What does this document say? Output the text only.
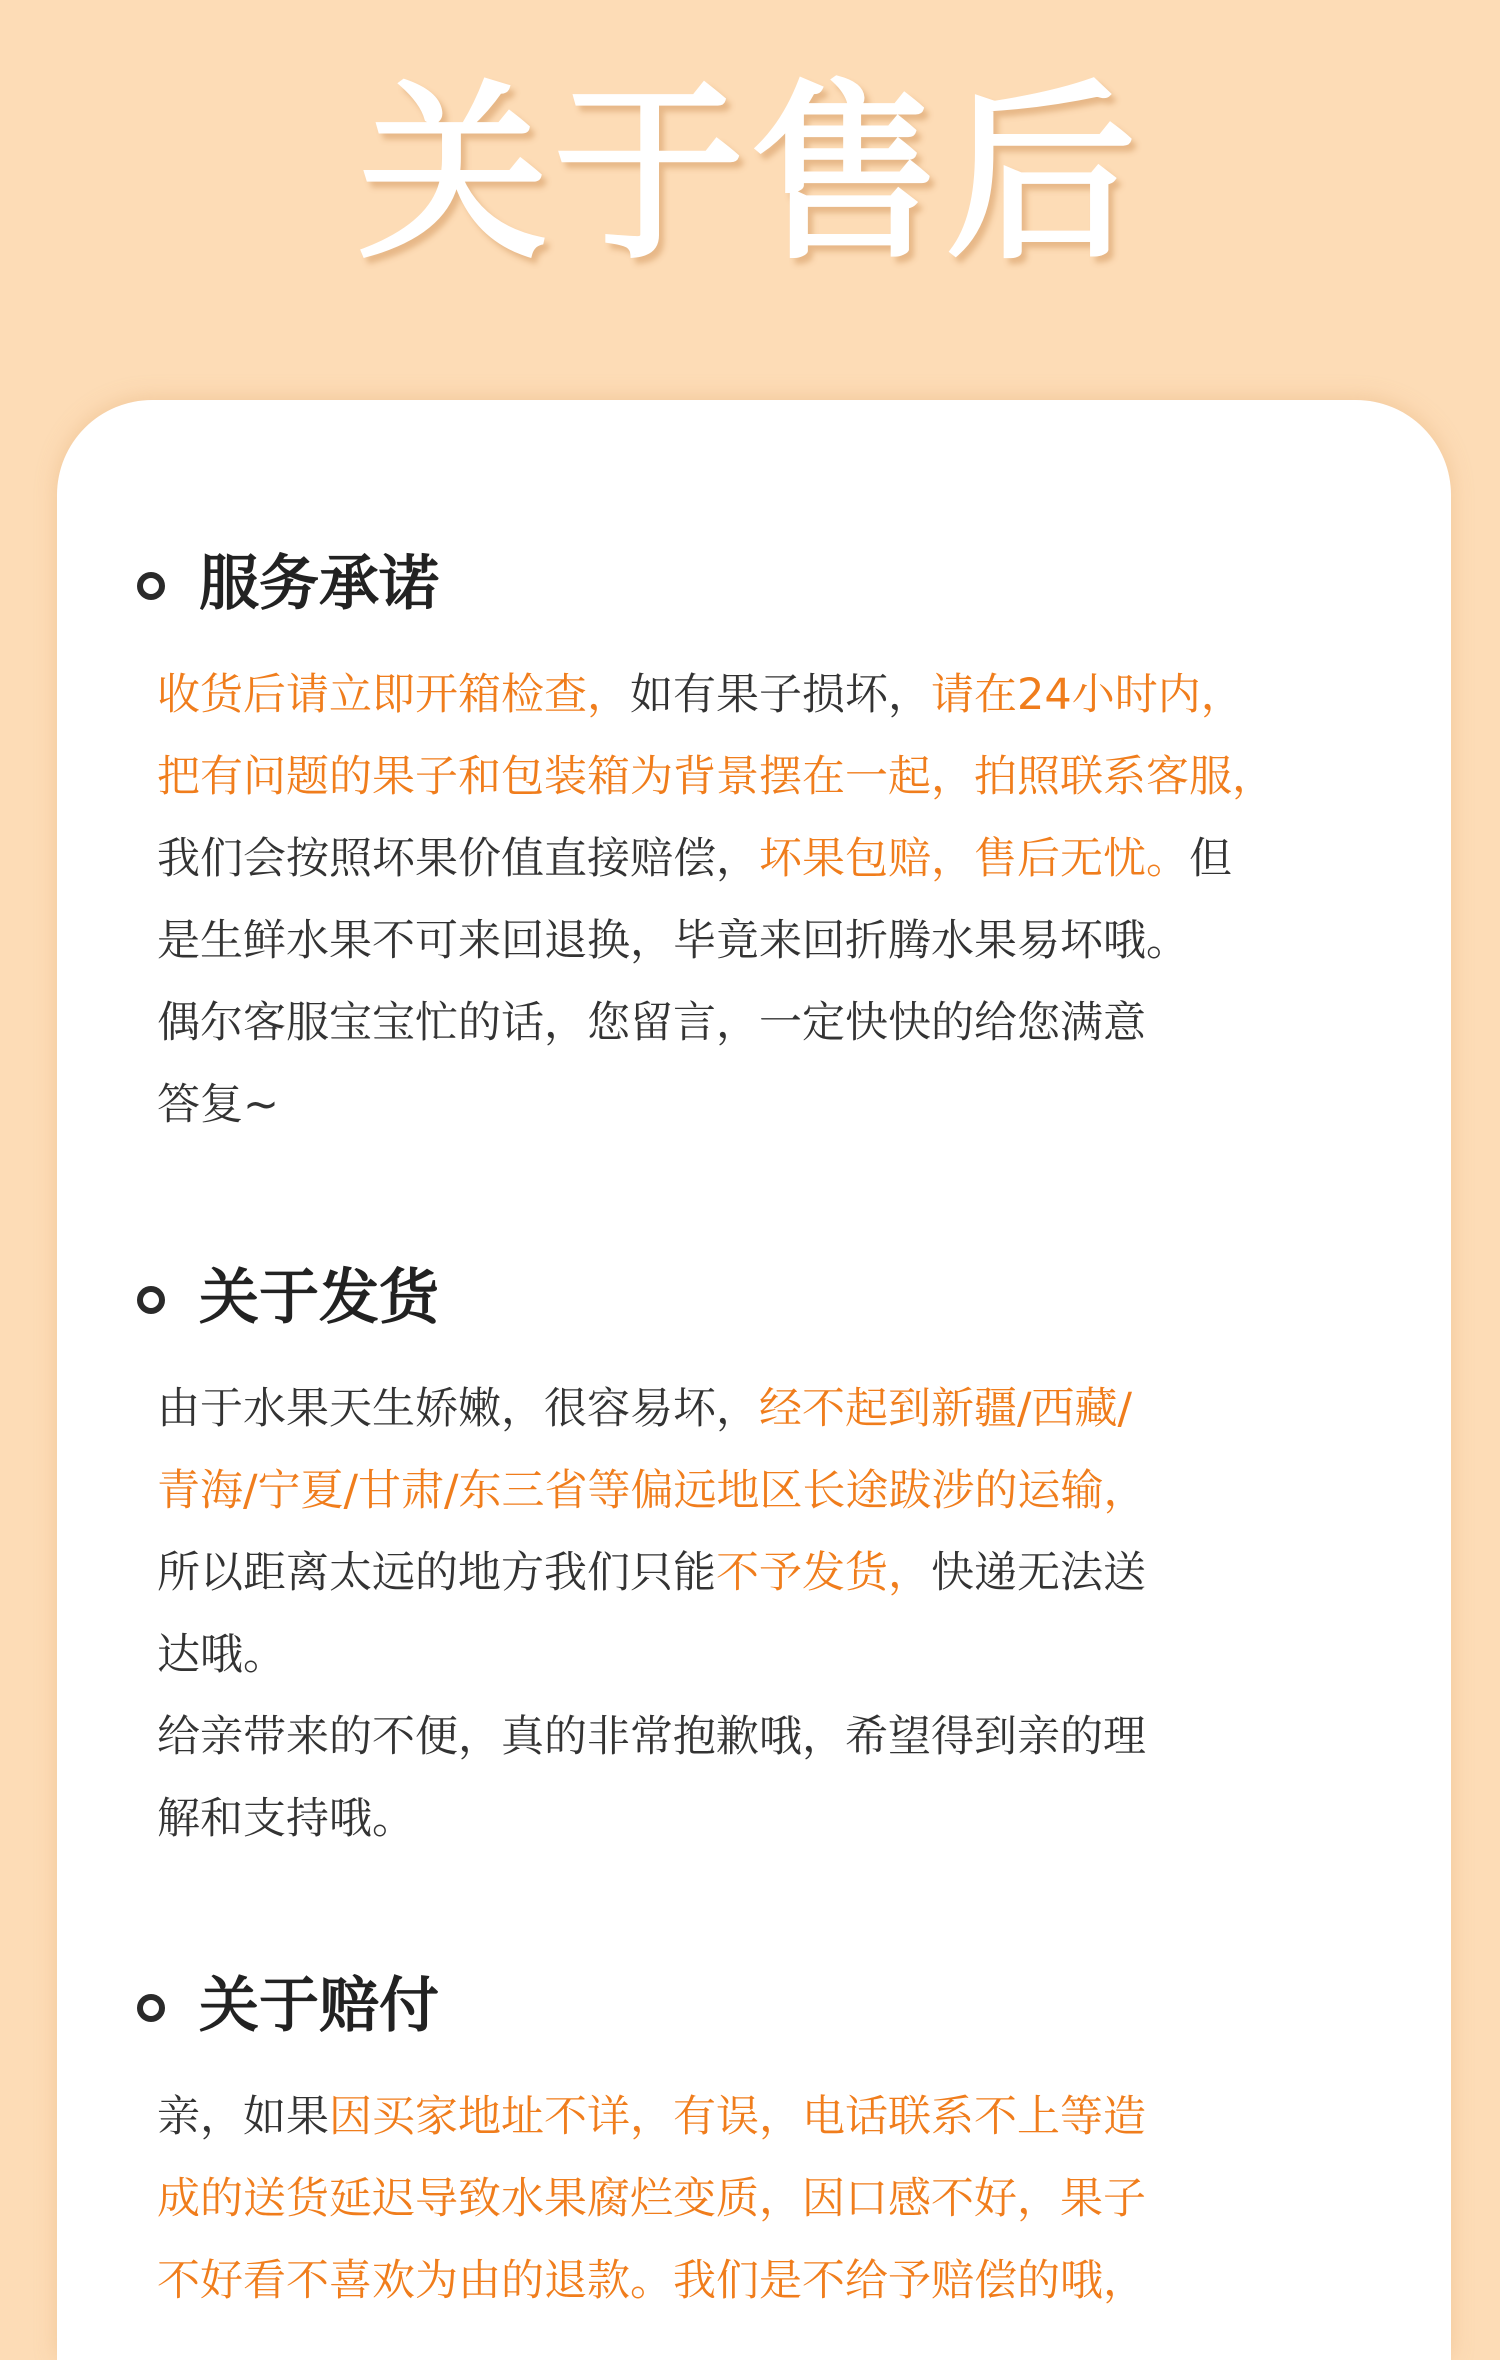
关于售后
服务承诺
收货后请立即开箱检查，如有果子损坏，请在24小时内，
把有问题的果子和包装箱为背景摆在一起，拍照联系客服，
我们会按照坏果价值直接赔偿，坏果包赔，售后无忧。但
是生鲜水果不可来回退换，毕竟来回折腾水果易坏哦。
偶尔客服宝宝忙的话，您留言，一定快快的给您满意
答复~
关于发货
由于水果天生娇嫩，很容易坏，经不起到新疆/西藏/
青海/宁夏/甘肃/东三省等偏远地区长途跋涉的运输，
所以距离太远的地方我们只能不予发货，快递无法送
达哦。
给亲带来的不便，真的非常抱歉哦，希望得到亲的理
解和支持哦。
关于赔付
亲，如果因买家地址不详，有误，电话联系不上等造
成的送货延迟导致水果腐烂变质，因口感不好，果子
不好看不喜欢为由的退款。我们是不给予赔偿的哦，
